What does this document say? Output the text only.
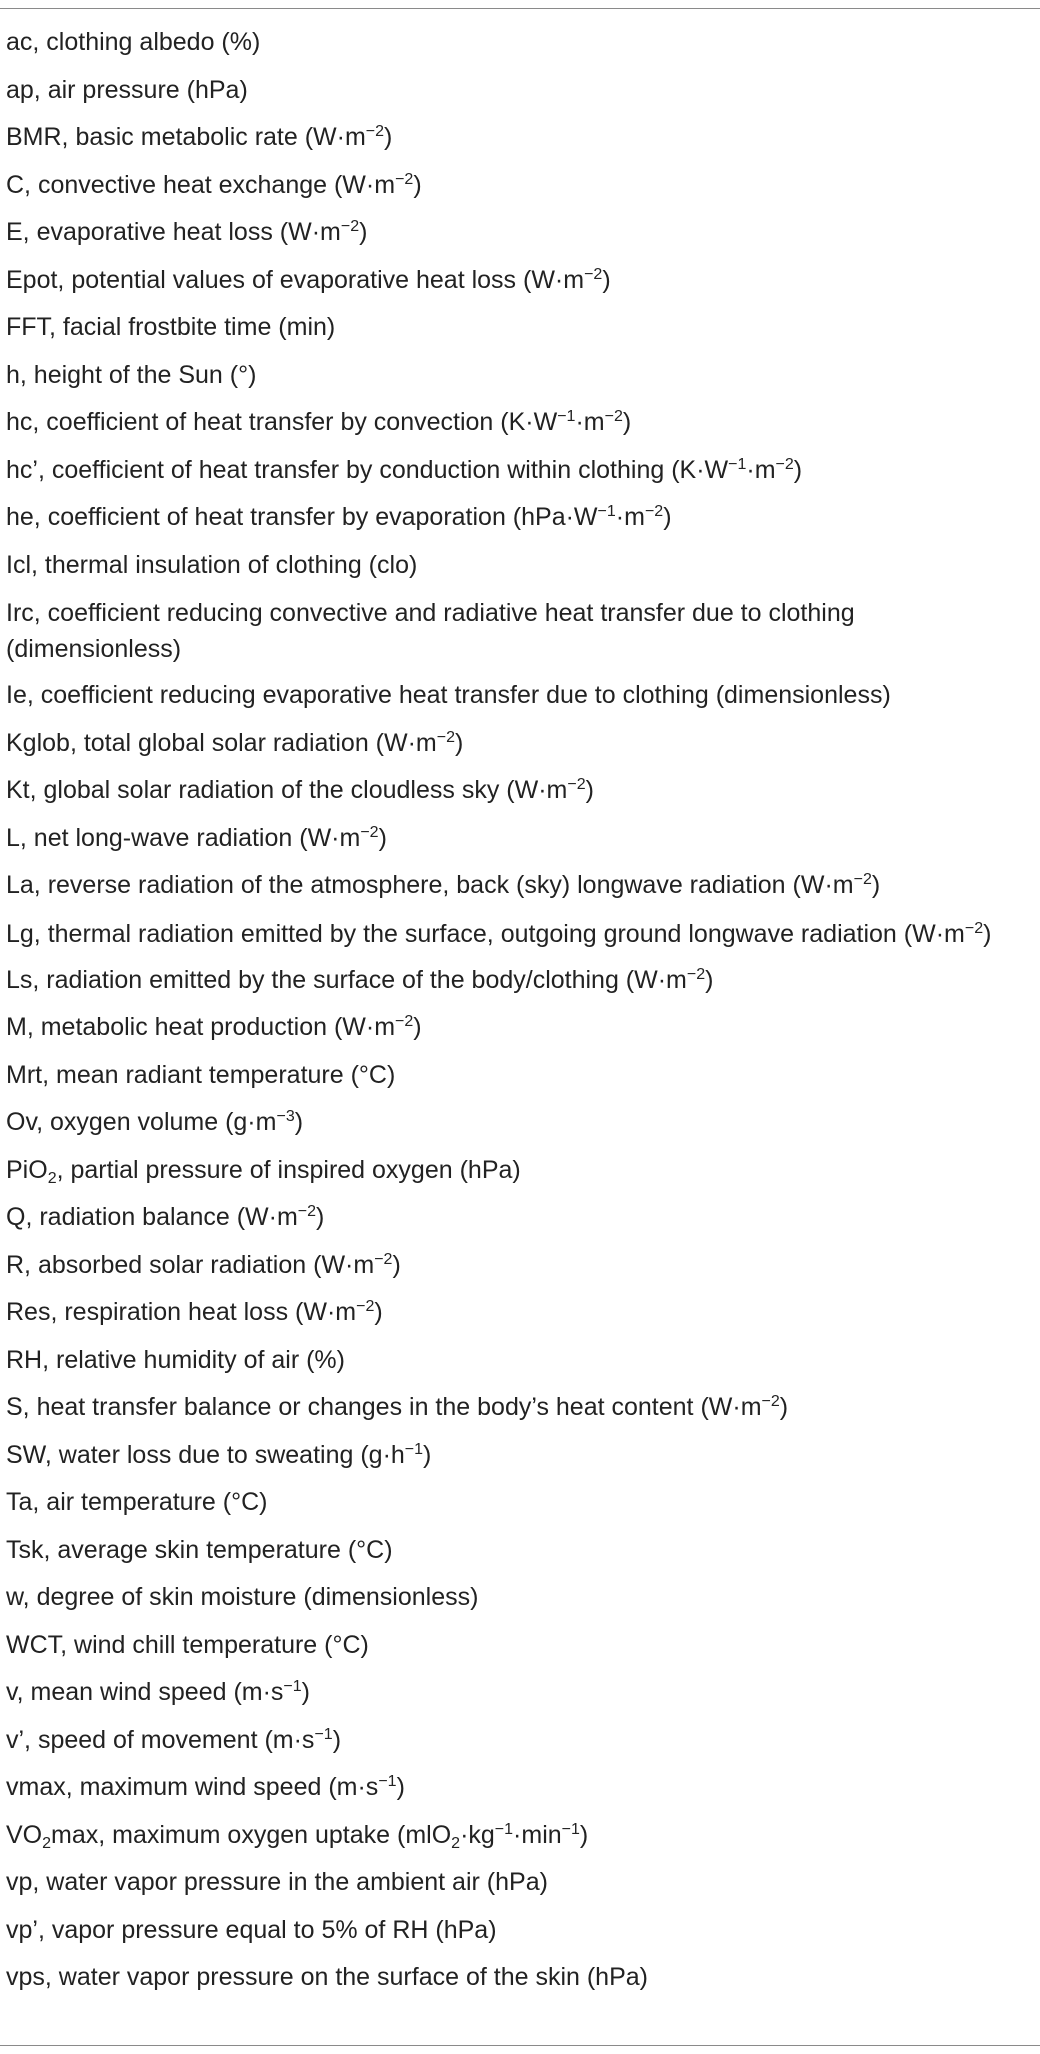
ac, clothing albedo (%)
ap, air pressure (hPa)
BMR, basic metabolic rate $(W\cdot m^{-2})$
C, convective heat exchange $(W\cdot m^{-2})$
E, evaporative heat loss $(W\cdot m^{-2})$
Epot, potential values of evaporative heat loss $(W\cdot m^{-2})$
FFT, facial frostbite time (min)
h, height of the Sun (°)
hc, coefficient of heat transfer by convection $(K\cdot W^{-1}\cdot m^{-2})$
hc’, coefficient of heat transfer by conduction within clothing $(K\cdot W^{-1}\cdot m^{-2})$
he, coefficient of heat transfer by evaporation $(hPa\cdot W^{-1}\cdot m^{-2})$
Icl, thermal insulation of clothing (clo)
Irc, coefficient reducing convective and radiative heat transfer due to clothing (dimensionless)
Ie, coefficient reducing evaporative heat transfer due to clothing (dimensionless)
Kglob, total global solar radiation $(W\cdot m^{-2})$
Kt, global solar radiation of the cloudless sky $(W\cdot m^{-2})$
L, net long-wave radiation $(W\cdot m^{-2})$
La, reverse radiation of the atmosphere, back (sky) longwave radiation $(W\cdot m^{-2})$
Lg, thermal radiation emitted by the surface, outgoing ground longwave radiation $(W\cdot m^{-2})$
Ls, radiation emitted by the surface of the body/clothing $(W\cdot m^{-2})$
M, metabolic heat production $(W\cdot m^{-2})$
Mrt, mean radiant temperature (°C)
Ov, oxygen volume $(g\cdot m^{-3})$
PiO$_2$, partial pressure of inspired oxygen (hPa)
Q, radiation balance $(W\cdot m^{-2})$
R, absorbed solar radiation $(W\cdot m^{-2})$
Res, respiration heat loss $(W\cdot m^{-2})$
RH, relative humidity of air (%)
S, heat transfer balance or changes in the body’s heat content $(W\cdot m^{-2})$
SW, water loss due to sweating $(g\cdot h^{-1})$
Ta, air temperature (°C)
Tsk, average skin temperature (°C)
w, degree of skin moisture (dimensionless)
WCT, wind chill temperature (°C)
v, mean wind speed $(m\cdot s^{-1})$
v’, speed of movement $(m\cdot s^{-1})$
vmax, maximum wind speed $(m\cdot s^{-1})$
$VO_2\max$, maximum oxygen uptake $(mlO_2\cdot kg^{-1}\cdot\min^{-1})$
vp, water vapor pressure in the ambient air (hPa)
vp’, vapor pressure equal to 5% of RH (hPa)
vps, water vapor pressure on the surface of the skin (hPa)
